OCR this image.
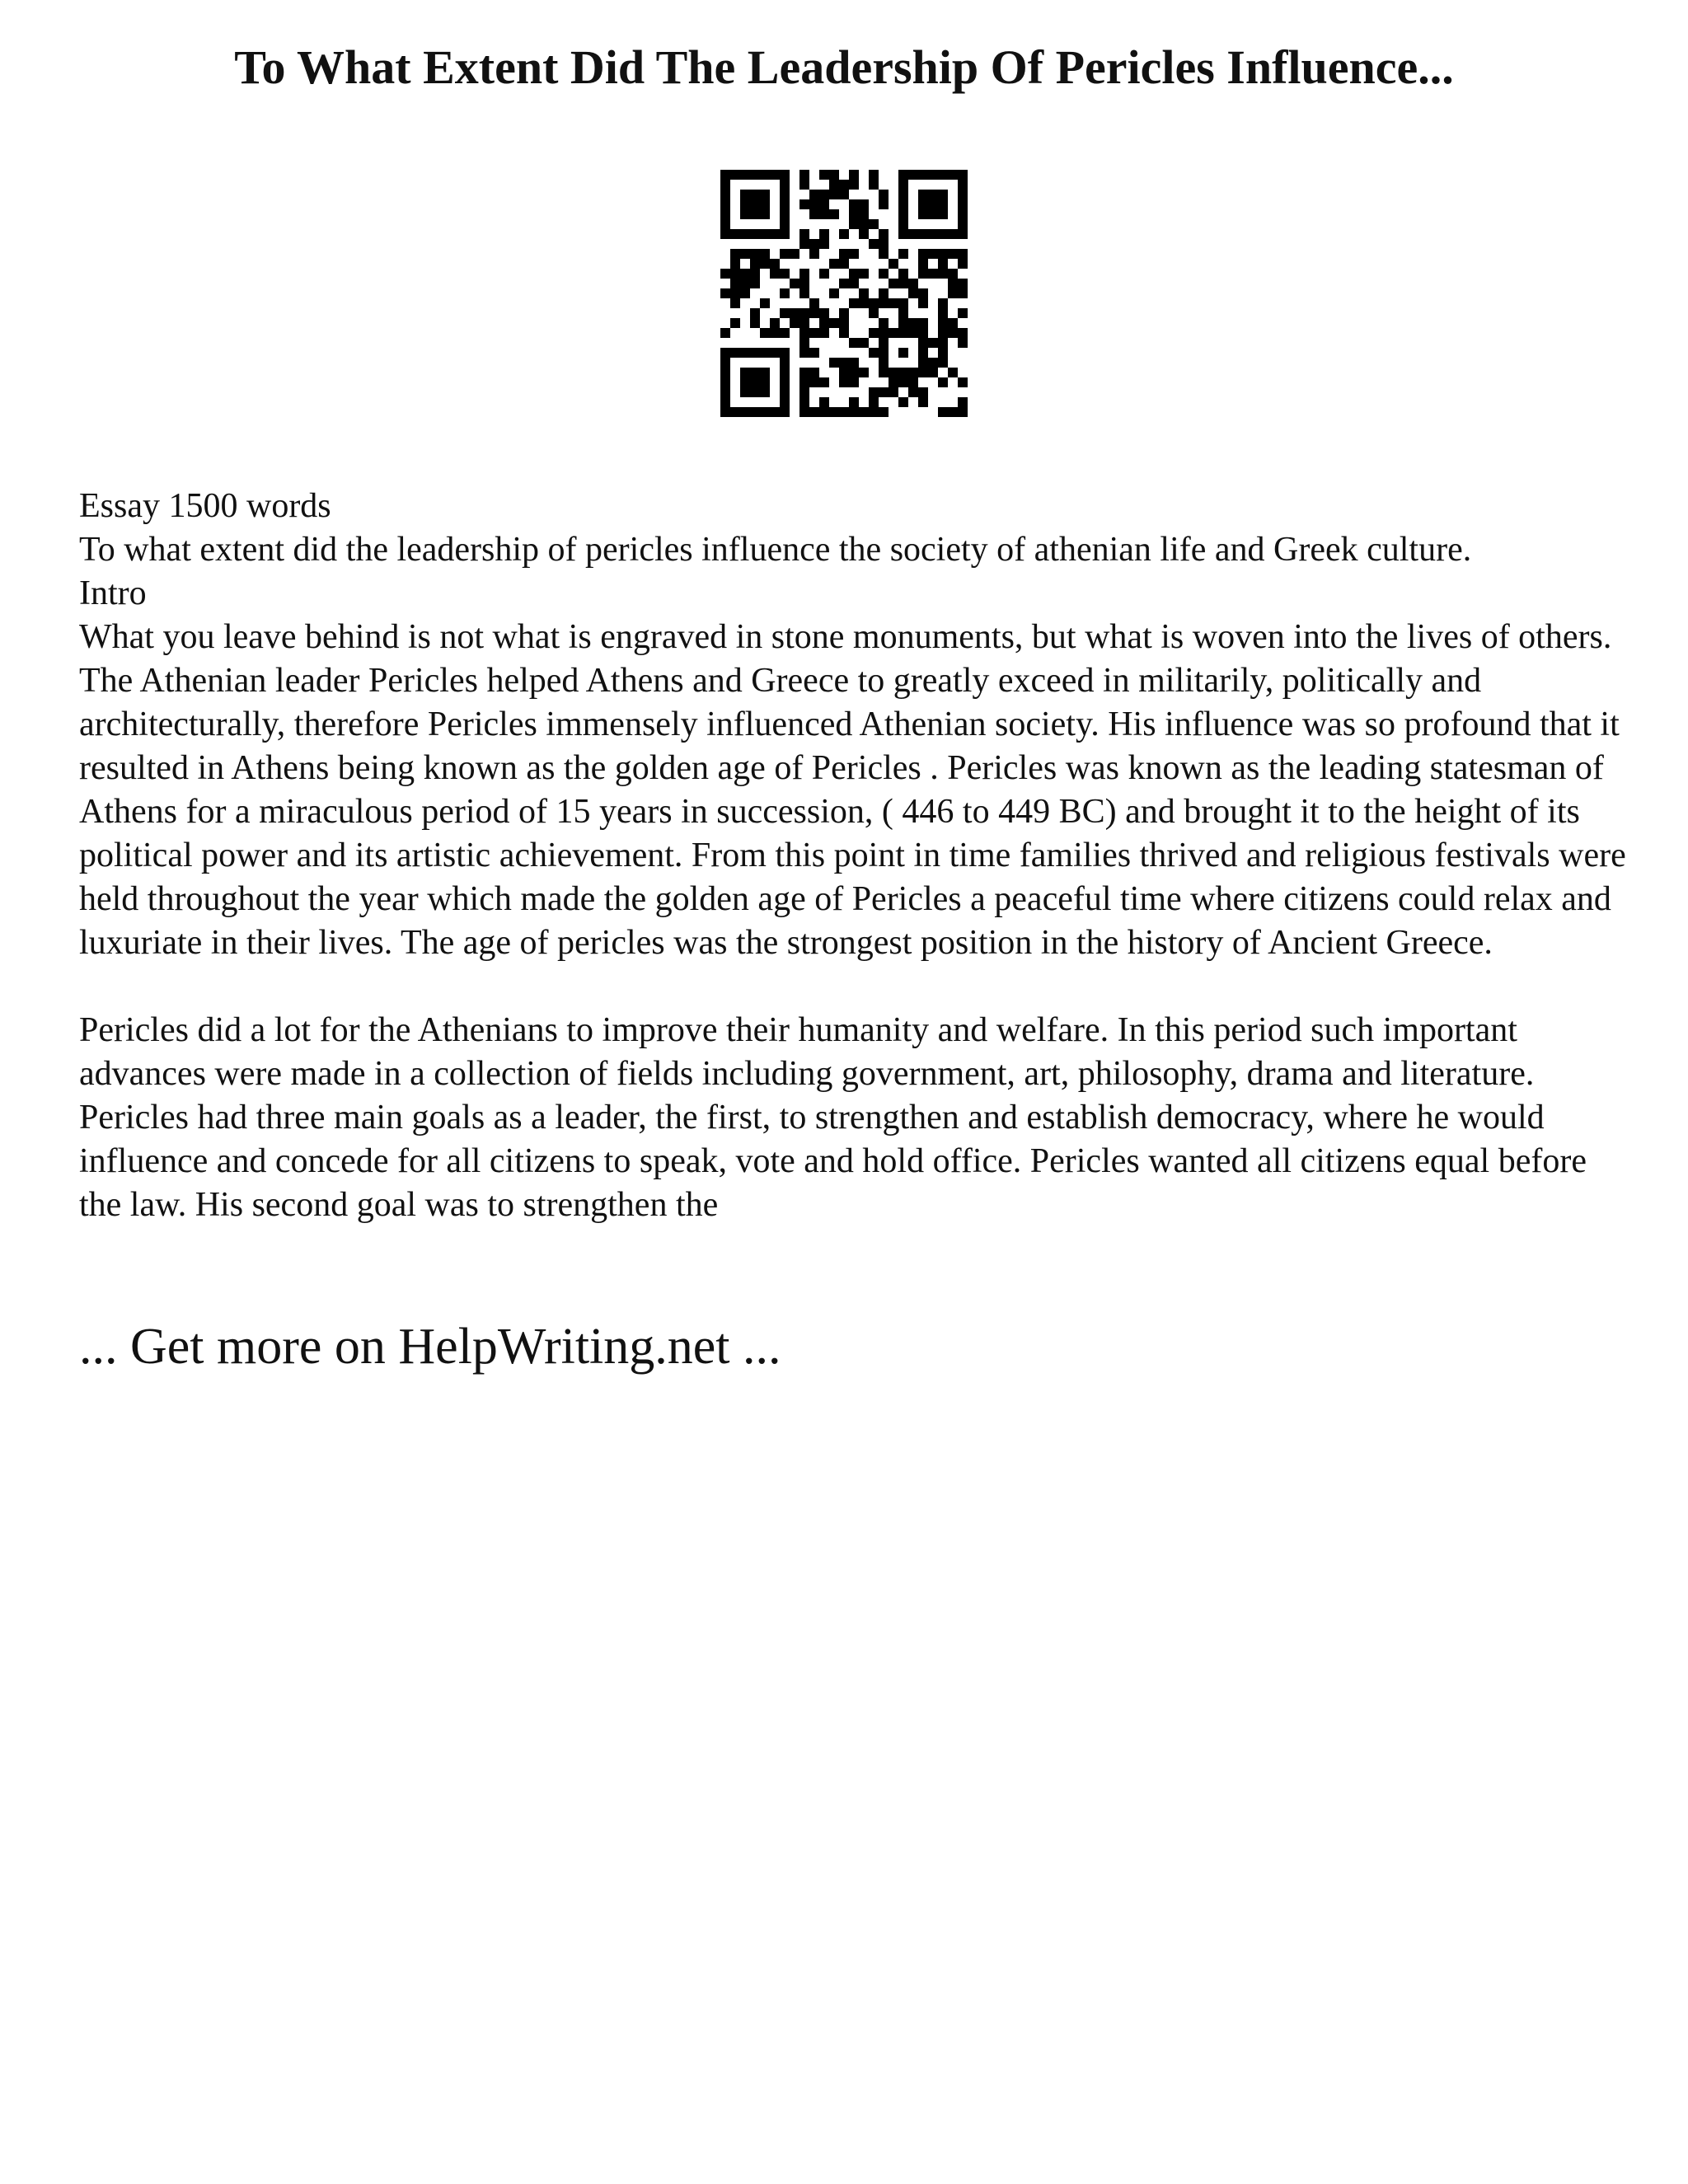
To What Extent Did The Leadership Of Pericles Influence...

Essay 1500 words

To what extent did the leadership of pericles influence the society of athenian life and Greek culture.

Intro

What you leave behind is not what is engraved in stone monuments, but what is woven into the lives of others. The Athenian leader Pericles helped Athens and Greece to greatly exceed in militarily, politically and architecturally, therefore Pericles immensely influenced Athenian society. His influence was so profound that it resulted in Athens being known as the golden age of Pericles . Pericles was known as the leading statesman of Athens for a miraculous period of 15 years in succession, ( 446 to 449 BC) and brought it to the height of its political power and its artistic achievement. From this point in time families thrived and religious festivals were held throughout the year which made the golden age of Pericles a peaceful time where citizens could relax and luxuriate in their lives. The age of pericles was the strongest position in the history of Ancient Greece.

Pericles did a lot for the Athenians to improve their humanity and welfare. In this period such important advances were made in a collection of fields including government, art, philosophy, drama and literature. Pericles had three main goals as a leader, the first, to strengthen and establish democracy, where he would influence and concede for all citizens to speak, vote and hold office. Pericles wanted all citizens equal before the law. His second goal was to strengthen the

... Get more on HelpWriting.net ...
